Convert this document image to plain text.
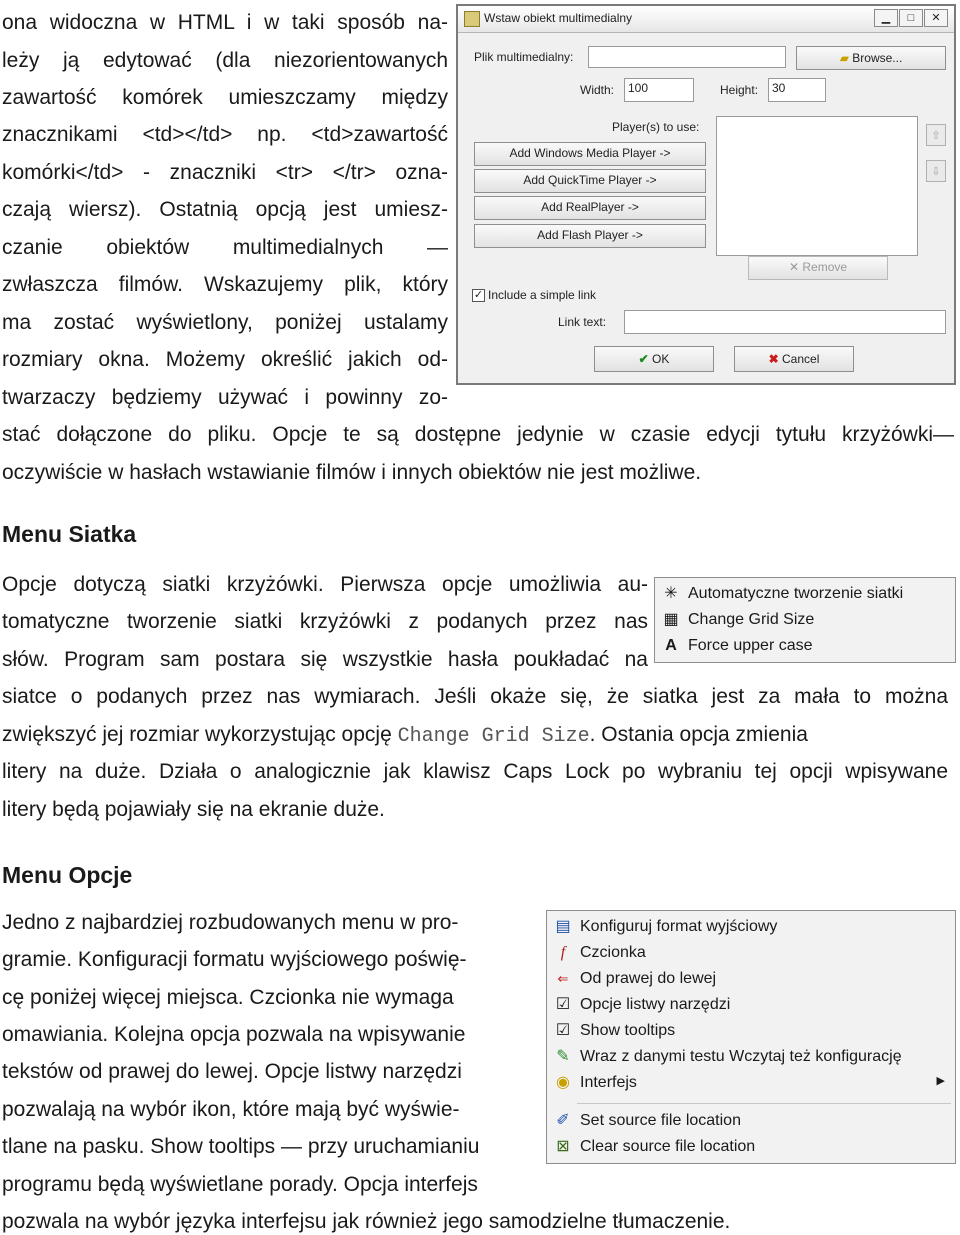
ona widoczna w HTML i w taki sposób na-
leży ją edytować (dla niezorientowanych
zawartość komórek umieszczamy między
znacznikami <td></td> np. <td>zawartość
komórki</td> - znaczniki <tr> </tr> ozna-
czają wiersz). Ostatnią opcją jest umiesz-
czanie obiektów multimedialnych —
zwłaszcza filmów. Wskazujemy plik, który
ma zostać wyświetlony, poniżej ustalamy
rozmiary okna. Możemy określić jakich od-
twarzaczy będziemy używać i powinny zo-
stać dołączone do pliku. Opcje te są dostępne jedynie w czasie edycji tytułu krzyżówki—
oczywiście w hasłach wstawianie filmów i innych obiektów nie jest możliwe.
Wstaw obiekt multimedialny	▁	□	✕
Plik multimedialny:	▰ Browse...
Width:	100	Height:	30
Player(s) to use:
⇧
⇩
Add Windows Media Player ->
Add QuickTime Player ->
Add RealPlayer ->
Add Flash Player ->
✕ Remove
✓ Include a simple link
Link text:
✔ OK	✖ Cancel
Menu Siatka
Opcje dotyczą siatki krzyżówki. Pierwsza opcje umożliwia au-
tomatyczne tworzenie siatki krzyżówki z podanych przez nas
słów. Program sam postara się wszystkie hasła poukładać na
siatce o podanych przez nas wymiarach. Jeśli okaże się, że siatka jest za mała to można
zwiększyć jej rozmiar wykorzystując opcję Change Grid Size. Ostania opcja zmienia
litery na duże. Działa o analogicznie jak klawisz Caps Lock po wybraniu tej opcji wpisywane
litery będą pojawiały się na ekranie duże.
✳ Automatyczne tworzenie siatki
▦ Change Grid Size
A Force upper case
Menu Opcje
Jedno z najbardziej rozbudowanych menu w pro-
gramie. Konfiguracji formatu wyjściowego poświę-
cę poniżej więcej miejsca. Czcionka nie wymaga
omawiania. Kolejna opcja pozwala na wpisywanie
tekstów od prawej do lewej. Opcje listwy narzędzi
pozwalają na wybór ikon, które mają być wyświe-
tlane na pasku. Show tooltips — przy uruchamianiu
programu będą wyświetlane porady. Opcja interfejs
pozwala na wybór języka interfejsu jak również jego samodzielne tłumaczenie.
▤ Konfiguruj format wyjściowy
f Czcionka
⇐ Od prawej do lewej
☑ Opcje listwy narzędzi
☑ Show tooltips
✎ Wraz z danymi testu Wczytaj też konfigurację
◉ Interfejs	▶
✐ Set source file location
⊠ Clear source file location
